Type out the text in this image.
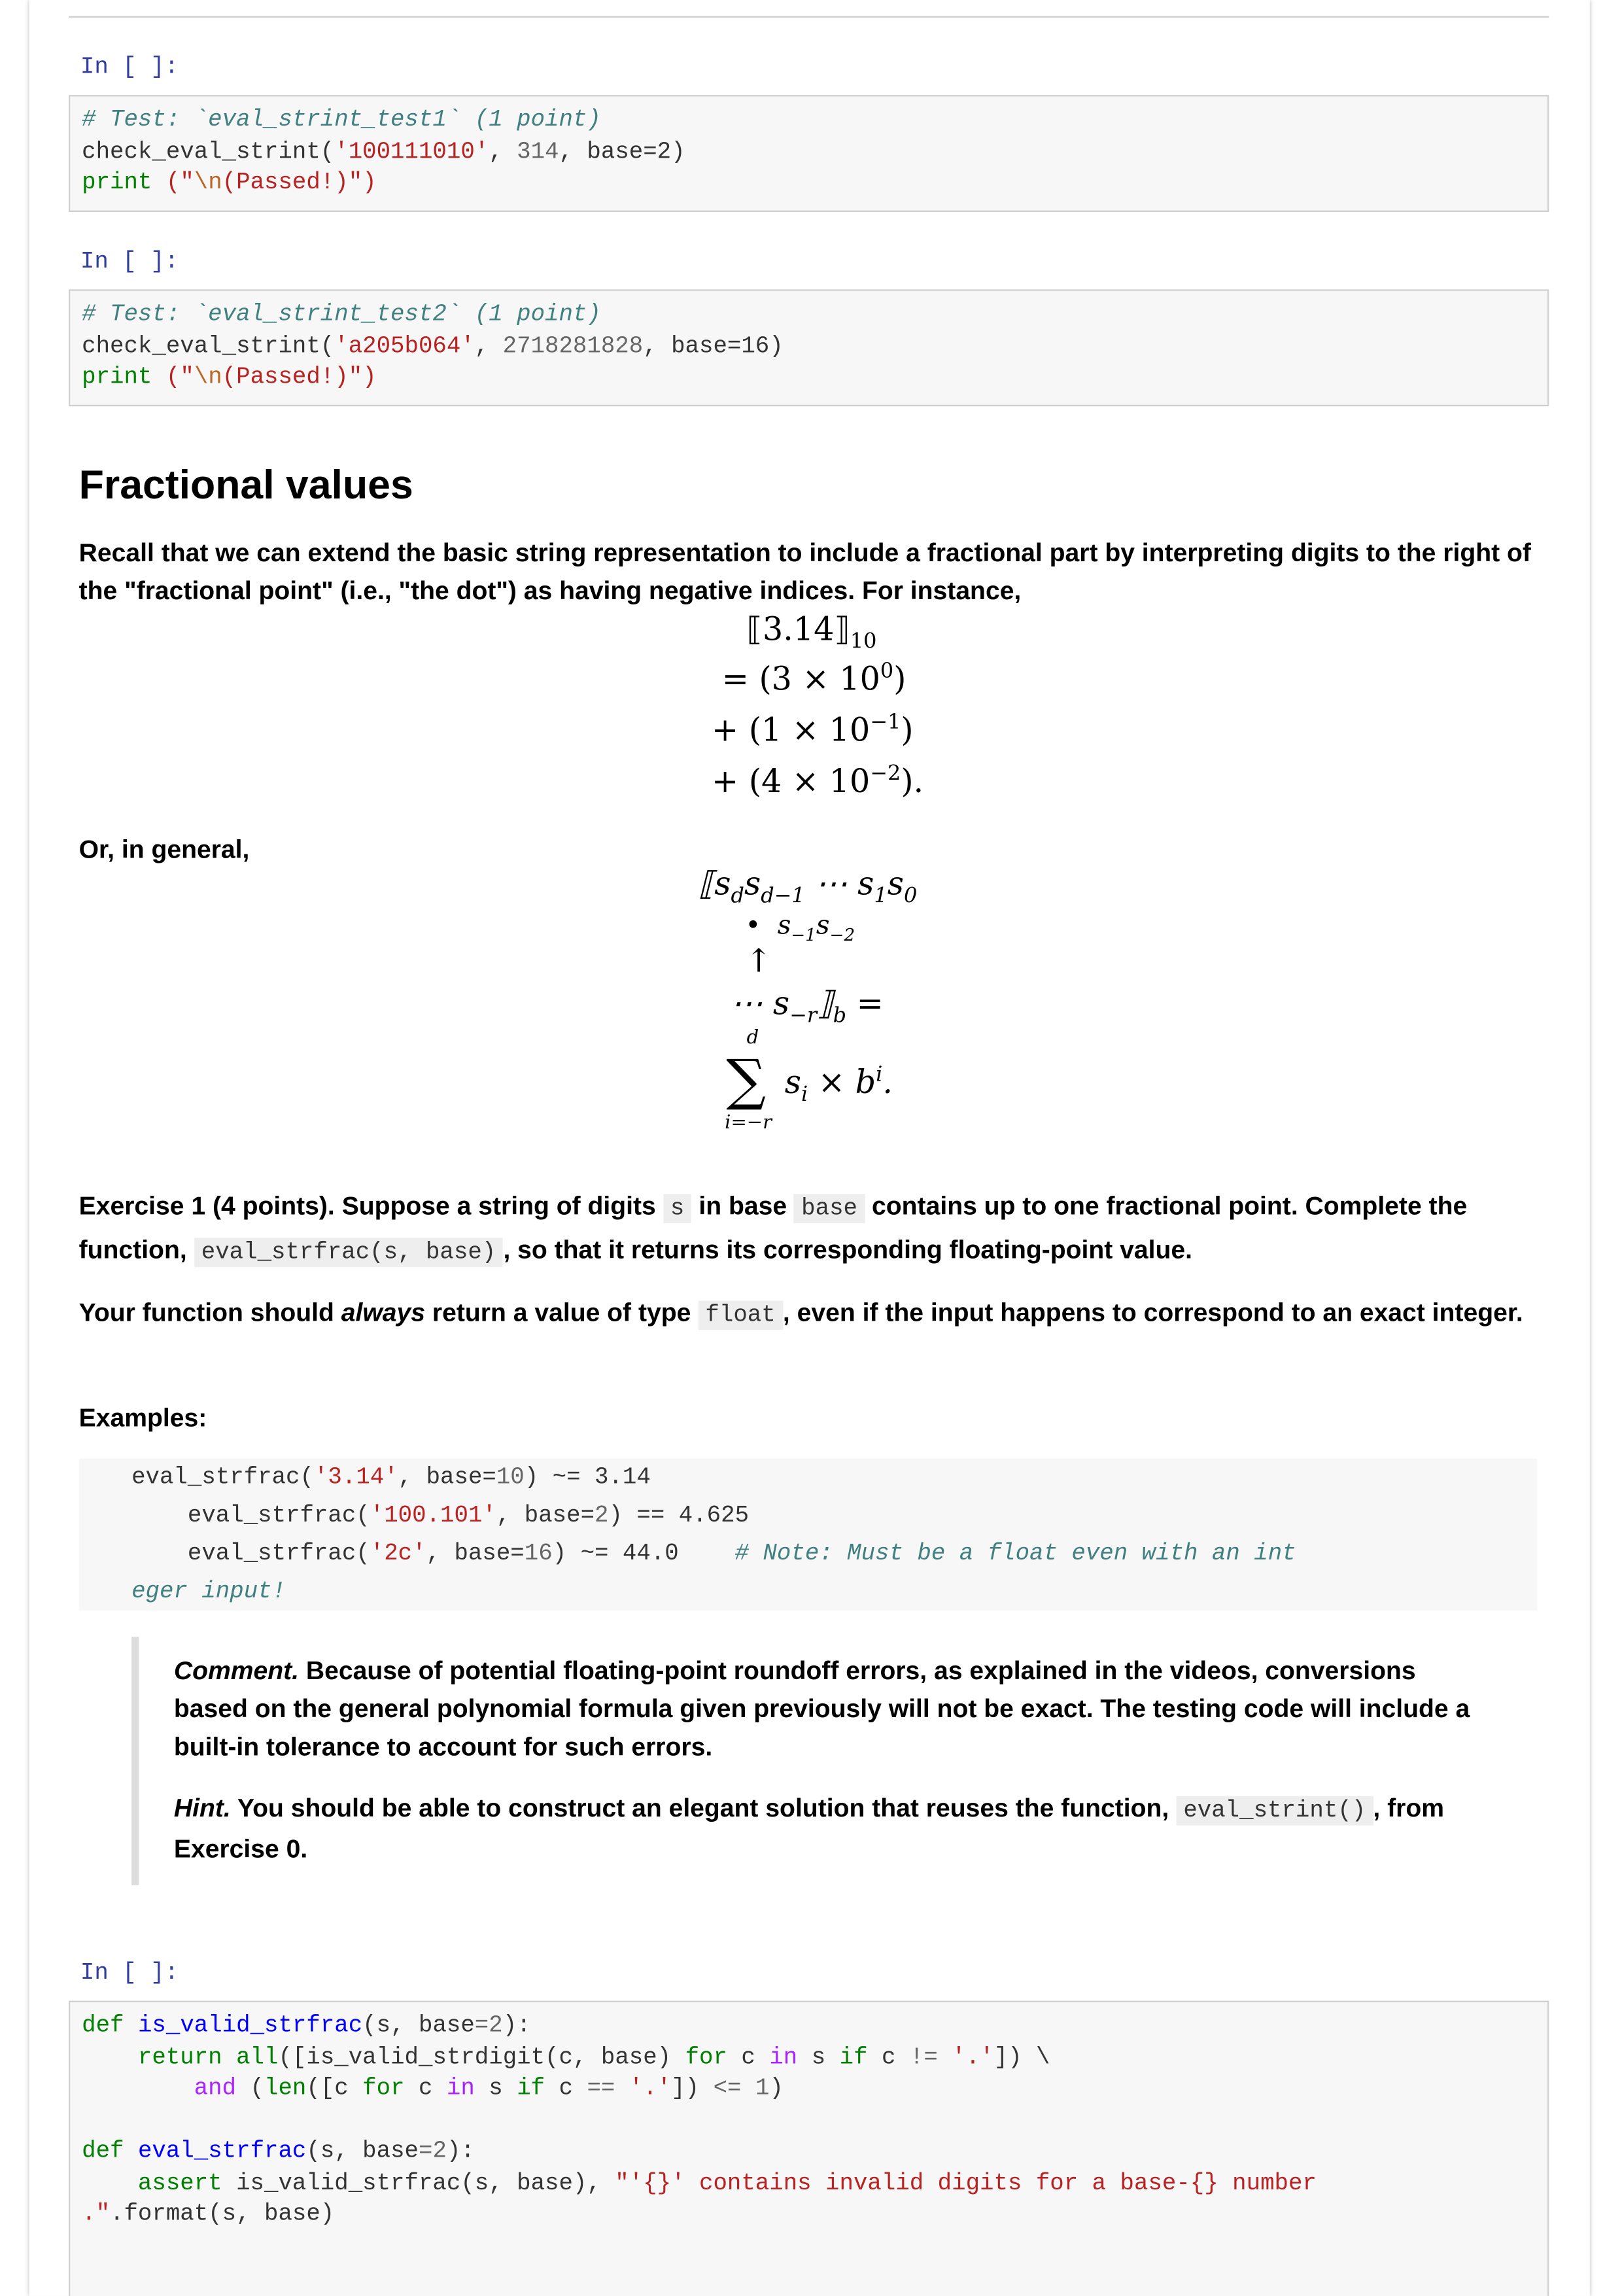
In [ ]:
# Test: `eval_strint_test1` (1 point)
check_eval_strint('100111010', 314, base=2)
print ("\n(Passed!)")
In [ ]:
# Test: `eval_strint_test2` (1 point)
check_eval_strint('a205b064', 2718281828, base=16)
print ("\n(Passed!)")
Fractional values
Recall that we can extend the basic string representation to include a fractional part by interpreting digits to the right of the "fractional point" (i.e., "the dot") as having negative indices. For instance,
$⟦3.14⟧_{10}$
= $(3 \times 10^0)$
+ $(1 \times 10^{-1})$
+ $(4 \times 10^{-2})$.
Or, in general,
$⟦s_ds_{d-1}$ ⋯ $s_1s_0$
•  $s_{-1}s_{-2}$
↑
⋯ $s_{-r}⟧_b$ =
d
∑
i=−r
$s_i \times b^i$.
Exercise 1 (4 points). Suppose a string of digits s in base base contains up to one fractional point. Complete the function, eval_strfrac(s, base) , so that it returns its corresponding floating-point value.
Your function should always return a value of type float , even if the input happens to correspond to an exact integer.
Examples:
eval_strfrac('3.14', base=10) ~= 3.14
eval_strfrac('100.101', base=2) == 4.625
eval_strfrac('2c', base=16) ~= 44.0    # Note: Must be a float even with an int
eger input!
Comment. Because of potential floating-point roundoff errors, as explained in the videos, conversions based on the general polynomial formula given previously will not be exact. The testing code will include a built-in tolerance to account for such errors.
Hint. You should be able to construct an elegant solution that reuses the function, eval_strint() , from Exercise 0.
In [ ]:
def is_valid_strfrac(s, base=2):
return all([is_valid_strdigit(c, base) for c in s if c != '.']) \
and (len([c for c in s if c == '.']) <= 1)

def eval_strfrac(s, base=2):
assert is_valid_strfrac(s, base), "'{}' contains invalid digits for a base-{} number
.".format(s, base)
